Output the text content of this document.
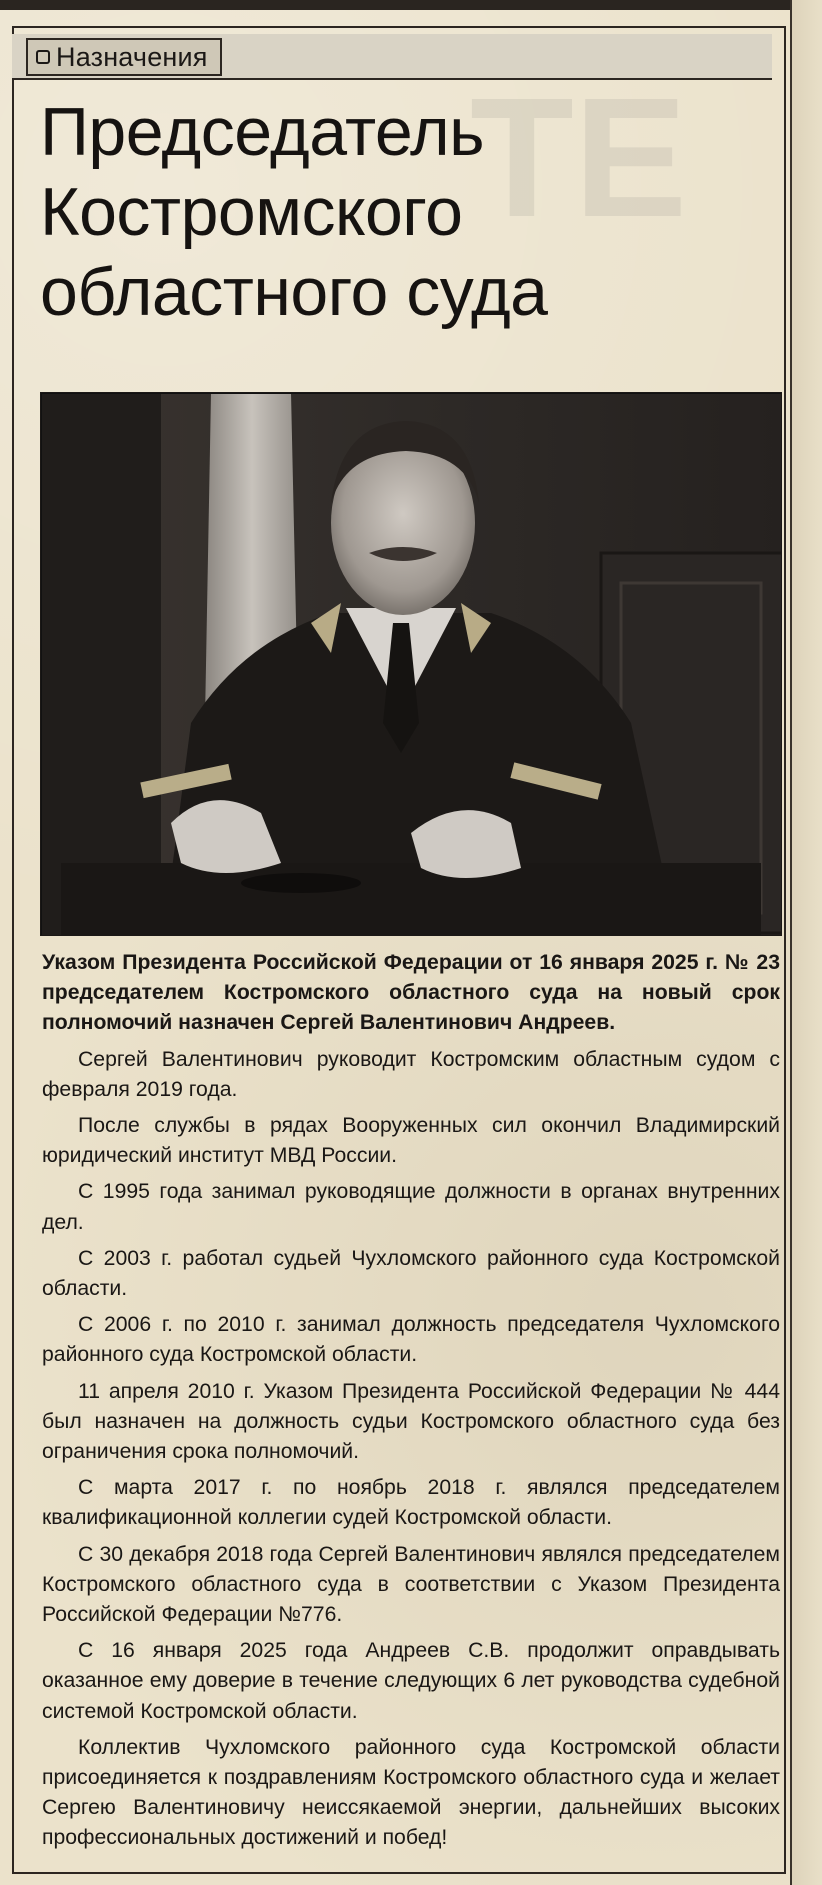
Назначения
ТЕ
Председатель
Костромского
областного суда

Указом Президента Российской Федерации от 16 января 2025 г. № 23 председателем Костромского областного суда на новый срок полномочий назначен Сергей Валентинович Андреев.

Сергей Валентинович руководит Костромским областным судом с февраля 2019 года.

После службы в рядах Вооруженных сил окончил Владимирский юридический институт МВД России.

С 1995 года занимал руководящие должности в органах внутренних дел.

С 2003 г. работал судьей Чухломского районного суда Костромской области.

С 2006 г. по 2010 г. занимал должность председателя Чухломского районного суда Костромской области.

11 апреля 2010 г. Указом Президента Российской Федерации № 444 был назначен на должность судьи Костромского областного суда без ограничения срока полномочий.

С марта 2017 г. по ноябрь 2018 г. являлся председателем квалификационной коллегии судей Костромской области.

С 30 декабря 2018 года Сергей Валентинович являлся председателем Костромского областного суда в соответствии с Указом Президента Российской Федерации №776.

С 16 января 2025 года Андреев С.В. продолжит оправдывать оказанное ему доверие в течение следующих 6 лет руководства судебной системой Костромской области.

Коллектив Чухломского районного суда Костромской области присоединяется к поздравлениям Костромского областного суда и желает Сергею Валентиновичу неиссякаемой энергии, дальнейших высоких профессиональных достижений и побед!
